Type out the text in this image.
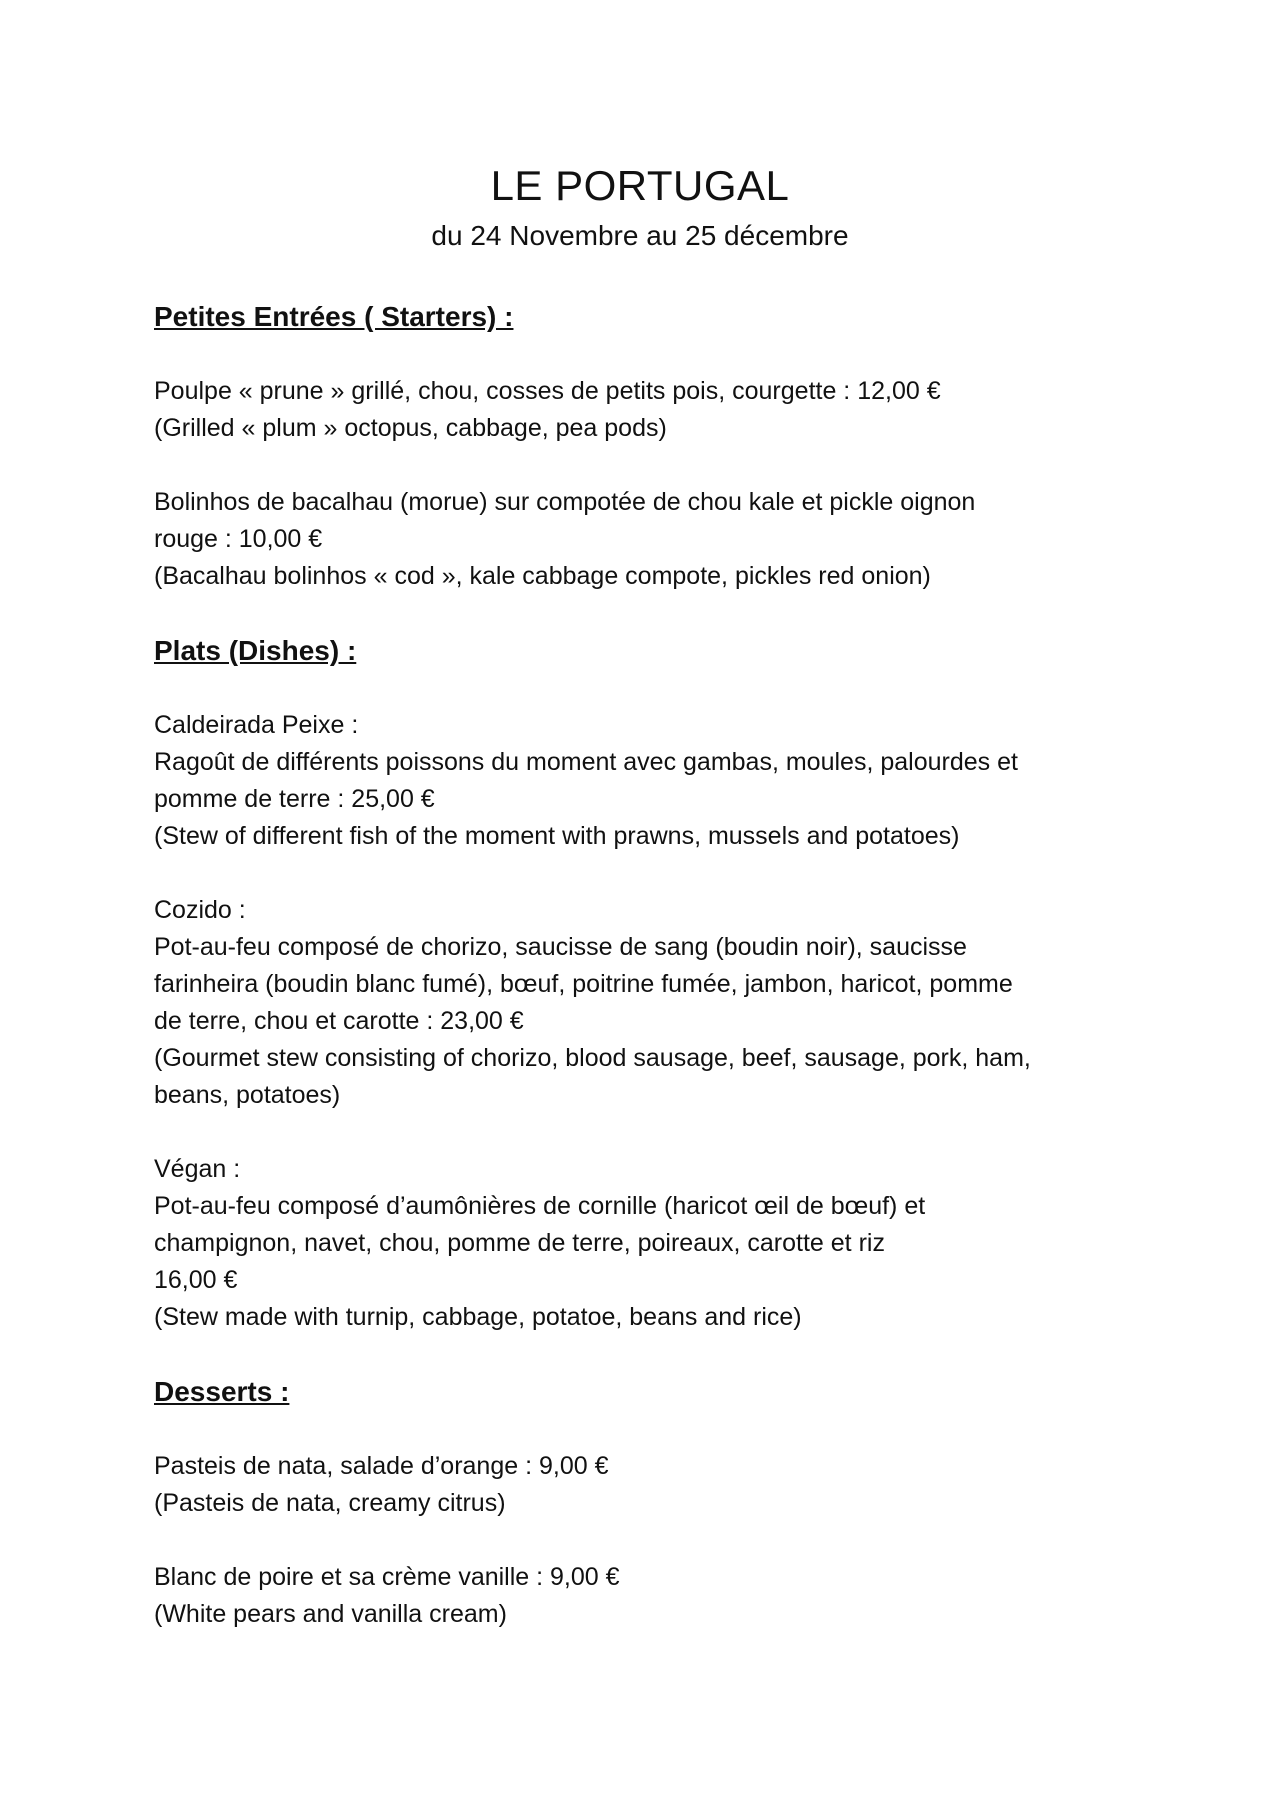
LE PORTUGAL

du 24 Novembre au 25 décembre

Petites Entrées ( Starters) :

Poulpe « prune » grillé, chou, cosses de petits pois, courgette : 12,00 €

(Grilled « plum » octopus, cabbage, pea pods)

Bolinhos de bacalhau (morue) sur compotée de chou kale et pickle oignon

rouge : 10,00 €

(Bacalhau bolinhos « cod », kale cabbage compote, pickles red onion)

Plats (Dishes) :

Caldeirada Peixe :

Ragoût de différents poissons du moment avec gambas, moules, palourdes et

pomme de terre : 25,00 €

(Stew of different fish of the moment with prawns, mussels and potatoes)

Cozido :

Pot-au-feu composé de chorizo, saucisse de sang (boudin noir), saucisse

farinheira (boudin blanc fumé), bœuf, poitrine fumée, jambon, haricot, pomme

de terre, chou et carotte : 23,00 €

(Gourmet stew consisting of chorizo, blood sausage, beef, sausage, pork, ham,

beans, potatoes)

Végan :

Pot-au-feu composé d’aumônières de cornille (haricot œil de bœuf) et

champignon, navet, chou, pomme de terre, poireaux, carotte et riz

16,00 €

(Stew made with turnip, cabbage, potatoe, beans and rice)

Desserts :

Pasteis de nata, salade d’orange : 9,00 €

(Pasteis de nata, creamy citrus)

Blanc de poire et sa crème vanille : 9,00 €

(White pears and vanilla cream)
